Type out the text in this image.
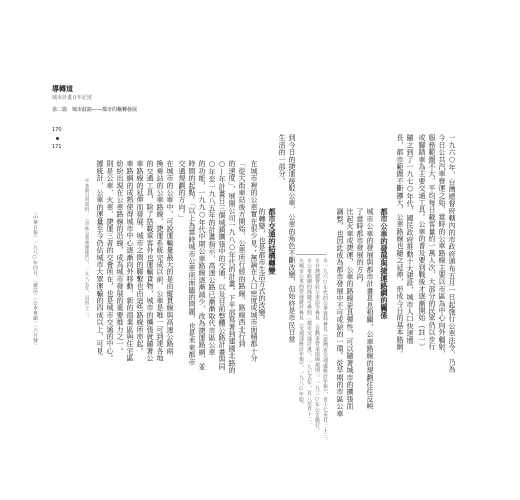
導轉道
城市計畫百年記述
第二篇　城市紋路——都市的輾轉發展
170
171
在城市裡的公車實在很少見；無論在人口密度或城市面積都十分
「從大街車站後方開始，公車所行經的路線，路線西北行到
的速度」，展開公司一九八○年代的計畫。下半部寫著到建國北路的
○—年計畫日三個城鎮擴張中的交通，以及目前整體公路計畫與同
○年至一九八五年的計畫指示，高速公路已漸漸取代市區公車
的功能，一九九○年代中期公車路線逐漸減少，改為捷運路網，並
時間的起點。「以上為當時城市公車所面臨的問題，也是未來都市
交通規劃的方向。」
在城市的公車中，可說運輸量最大的是由縱貫線與高速公路兩
換乘站的公車路線，捷運系統完成以前、公車是唯一可到達各地
的交通工具，除了搭載乘客外也運輸貨物，城市的擴張就隨著公
車路線的延伸而發展。城市之間的聯繫也由這些路線所串起。
車路網的成熟使得城市中心逐漸向外移動，新的商業區與住宅區
紛紛出現在公車路線的沿線，成為城市發展的重要推力之一。
則是公車、火車、捷運三者的交會所在，也是城市交通的中心。
據統計，公車的運量至今仍佔城市大眾運輸的四成以上，可見
※本節引用資料：〈市區公車營運報告〉，一九八五年，頁四十二。
〈中華日報〉一九八○年四月，〈雜誌〉〈公車專題〉〈六月號〉	一九六○年，台灣總督府轄內的市政府頒布五月一日起施行公車法令，乃為
今日公共汽車營運之始。當時的公車路線主要以市區為中心向外輻射，
服務範圍不大，平均每日載客量約一萬人次，大部分的民眾仍以步行
或腳踏車為主要交通工具。公車的普及要到戰後才逐漸開始（註一）
隨之到了一九七○年代，國民政府推動十大建設，城市人口快速增
長，都市範圍不斷擴大，公車路線也隨之延伸，形成今日的基本路網。
都市公車的發展與捷運路網的關係
城市公車的發展與都市計畫息息相關，公車路線的規劃往往反映
了當時都市發展的方向。
比起火車或捷運，公車的路線更具彈性，可以隨著城市的擴張而
調整，也因此成為都市發展中不可或缺的一環。從早期的市區公車
※一九六○年代的公車資料參見《臺灣省交通處統計年報》，頁十七至頁二十三。
※台灣總督府公車法令參見〈自動車營業取締規則〉，一九三○年公告施行。
※公車路網的演變可參照〈都市交通計畫〉，一九七五年，頁八至頁十二。
※城市公車的營運統計參見《交通部統計年報》，一九八○年版。
到今日的捷運接駁公車，公車的角色不斷改變，但始終是市民日常
生活的一部分。
都市交通的結構轉變
的轉變，也是都市生活方式的改變。
